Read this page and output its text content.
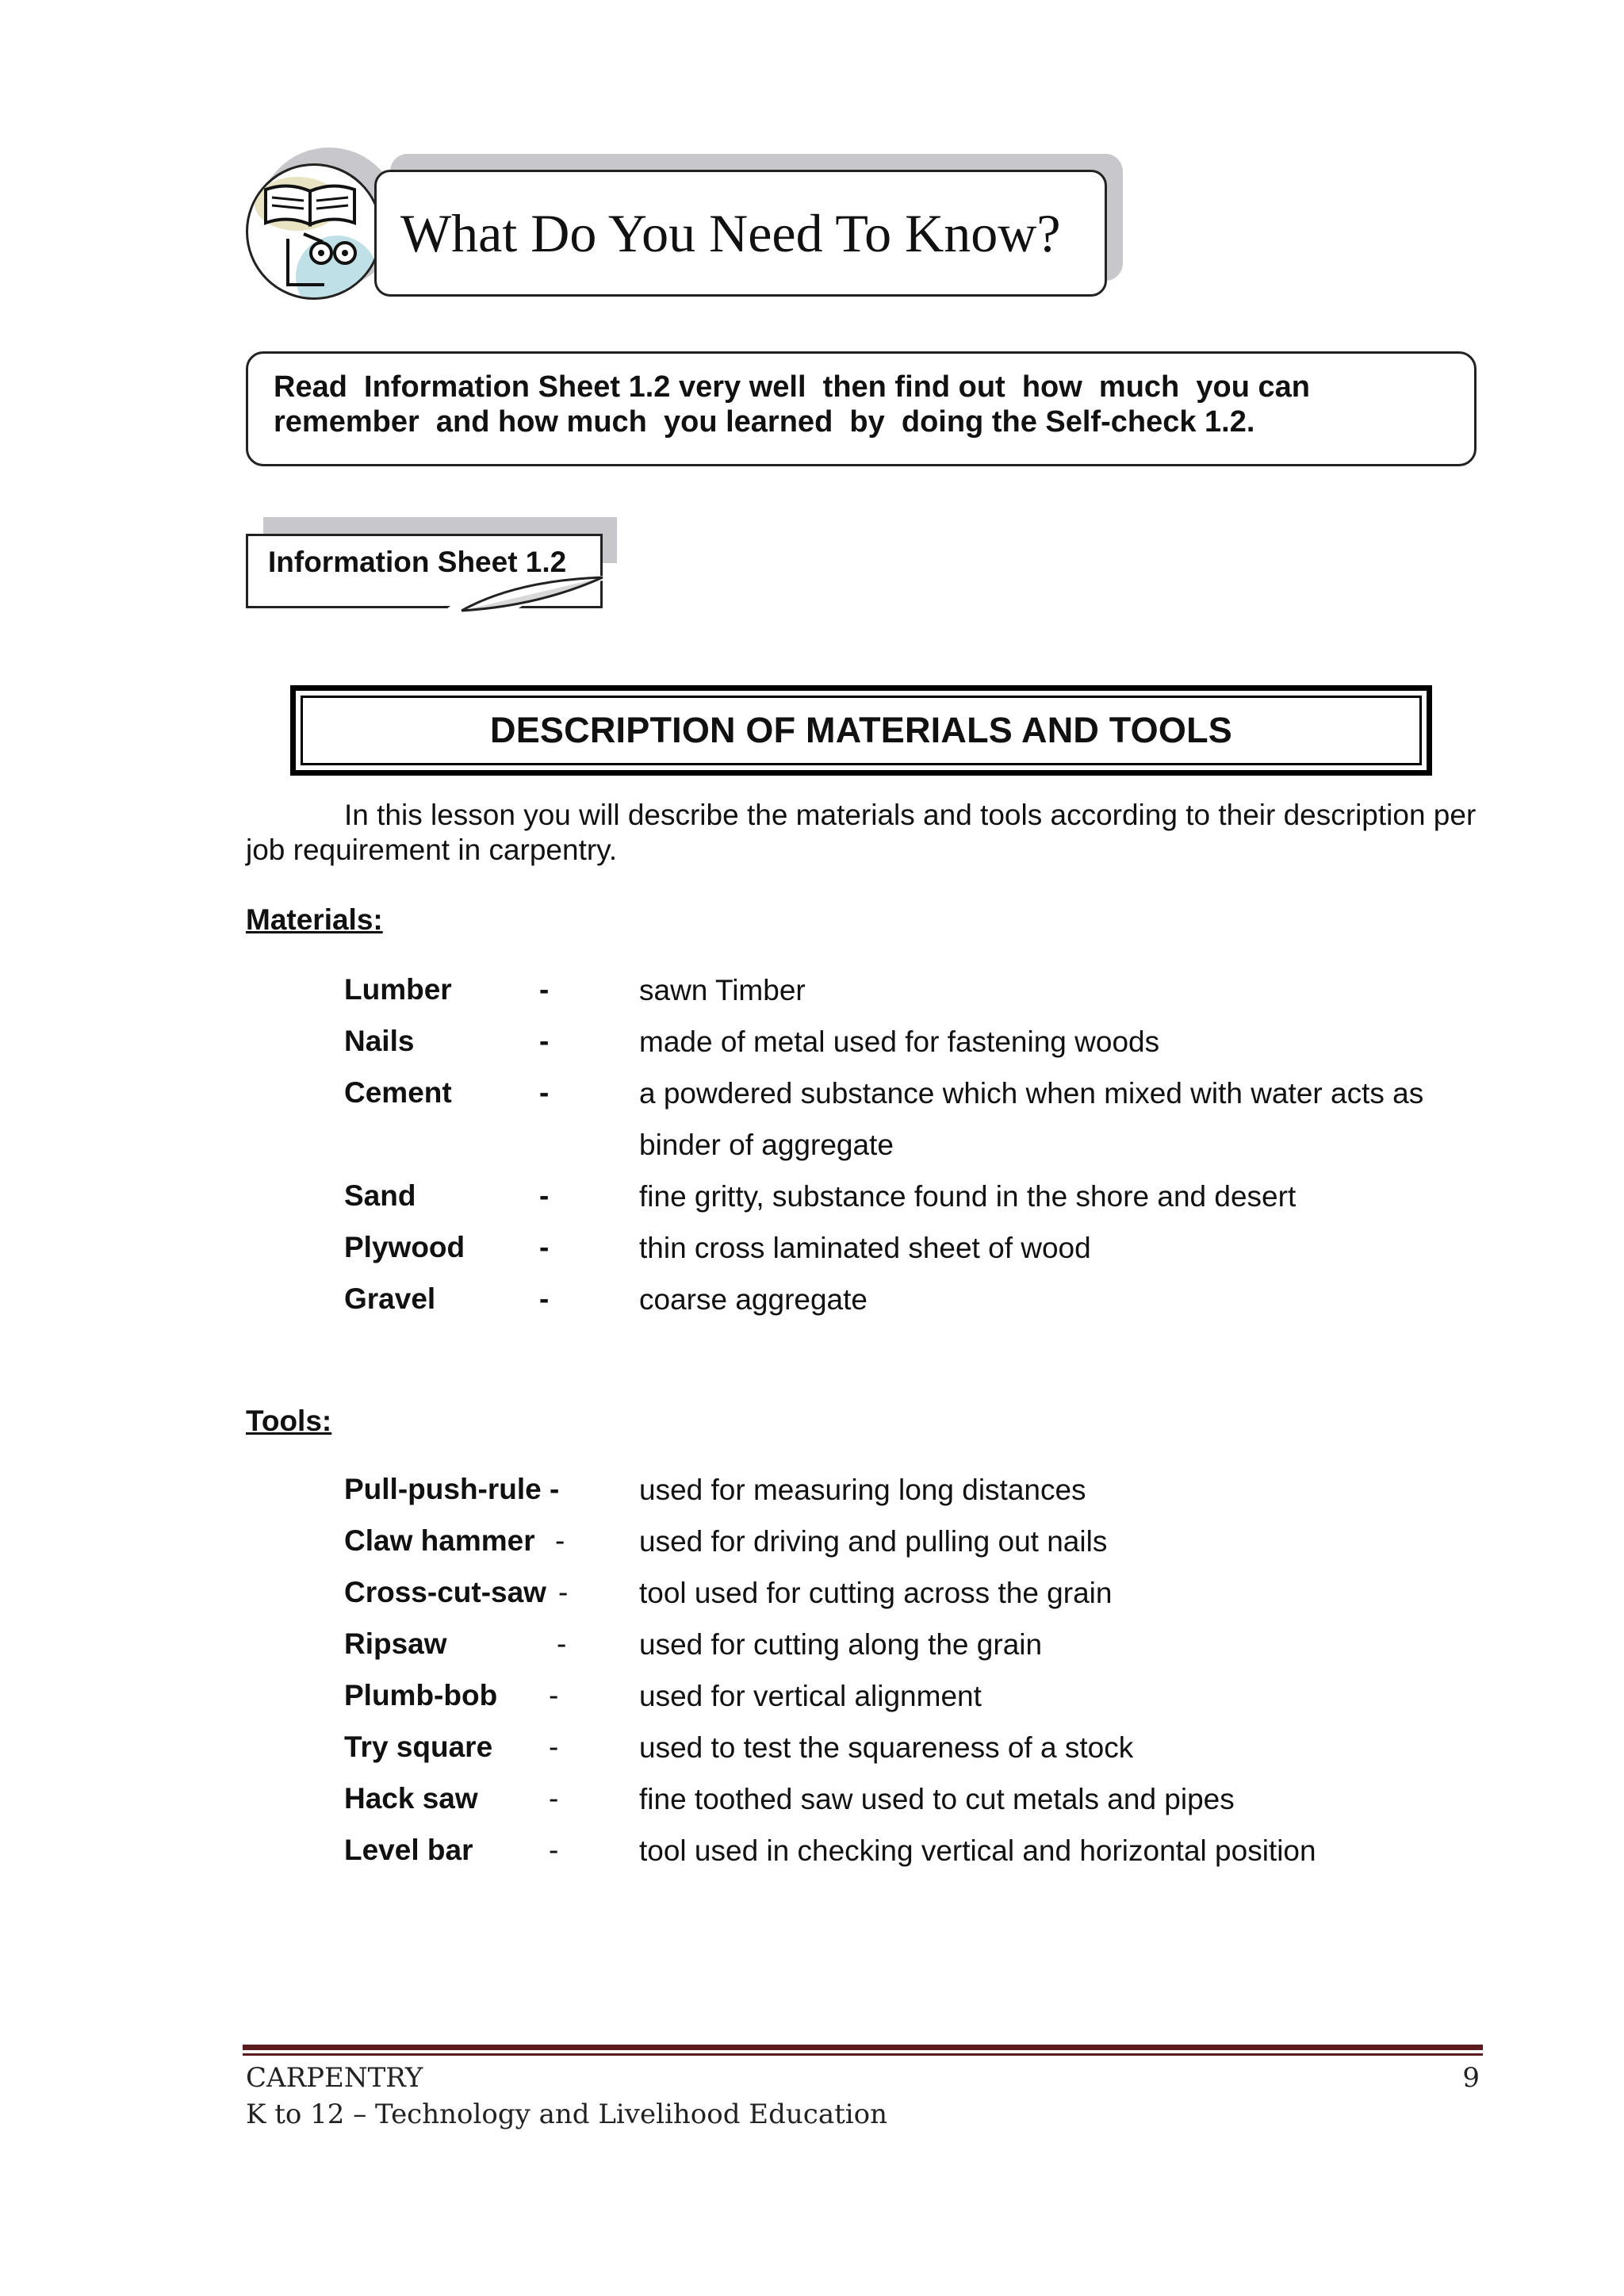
What Do You Need To Know?
Read  Information Sheet 1.2 very well  then find out  how  much  you can
remember  and how much  you learned  by  doing the Self-check 1.2.
Information Sheet 1.2
DESCRIPTION OF MATERIALS AND TOOLS
In this lesson you will describe the materials and tools according to their description per job requirement in carpentry.
Materials:
Lumber	-	sawn Timber
Nails	-	made of metal used for fastening woods
Cement	-	a powdered substance which when mixed with water acts as binder of aggregate
Sand	-	fine gritty, substance found in the shore and desert
Plywood	-	thin cross laminated sheet of wood
Gravel	-	coarse aggregate
Tools:
Pull-push-rule -	used for measuring long distances
Claw hammer -	used for driving and pulling out nails
Cross-cut-saw - tool used for cutting across the grain
Ripsaw	- used for cutting along the grain
Plumb-bob -	used for vertical alignment
Try square -	used to test the squareness of a stock
Hack saw -	fine toothed saw used to cut metals and pipes
Level bar	-	tool used in checking vertical and horizontal position
CARPENTRY	9
K to 12 – Technology and Livelihood Education
